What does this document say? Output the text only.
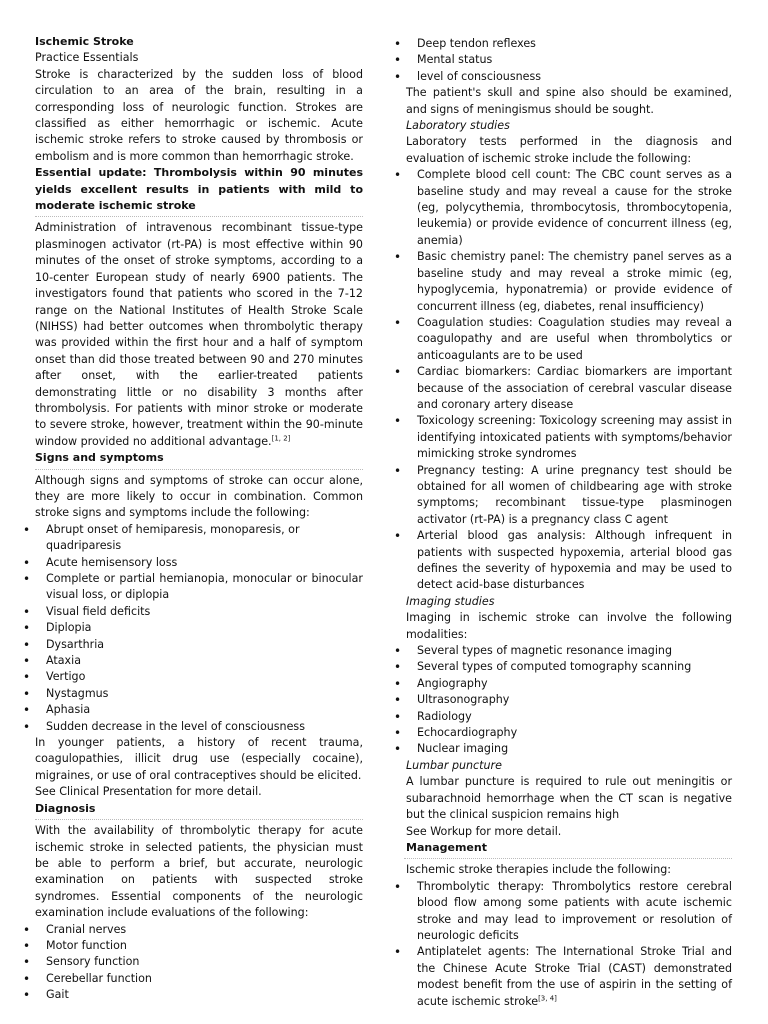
Ischemic Stroke
Practice Essentials

Stroke is characterized by the sudden loss of blood circulation to an area of the brain, resulting in a corresponding loss of neurologic function. Strokes are classified as either hemorrhagic or ischemic. Acute ischemic stroke refers to stroke caused by thrombosis or embolism and is more common than hemorrhagic stroke.

Essential update: Thrombolysis within 90 minutes yields excellent results in patients with mild to moderate ischemic stroke

Administration of intravenous recombinant tissue-type plasminogen activator (rt-PA) is most effective within 90 minutes of the onset of stroke symptoms, according to a 10-center European study of nearly 6900 patients. The investigators found that patients who scored in the 7-12 range on the National Institutes of Health Stroke Scale (NIHSS) had better outcomes when thrombolytic therapy was provided within the first hour and a half of symptom onset than did those treated between 90 and 270 minutes after onset, with the earlier-treated patients demonstrating little or no disability 3 months after thrombolysis. For patients with minor stroke or moderate to severe stroke, however, treatment within the 90-minute window provided no additional advantage.[1, 2]

Signs and symptoms

Although signs and symptoms of stroke can occur alone, they are more likely to occur in combination. Common stroke signs and symptoms include the following:

• Abrupt onset of hemiparesis, monoparesis, or quadriparesis
• Acute hemisensory loss
• Complete or partial hemianopia, monocular or binocular visual loss, or diplopia
• Visual field deficits
• Diplopia
• Dysarthria
• Ataxia
• Vertigo
• Nystagmus
• Aphasia
• Sudden decrease in the level of consciousness

In younger patients, a history of recent trauma, coagulopathies, illicit drug use (especially cocaine), migraines, or use of oral contraceptives should be elicited.

See Clinical Presentation for more detail.

Diagnosis

With the availability of thrombolytic therapy for acute ischemic stroke in selected patients, the physician must be able to perform a brief, but accurate, neurologic examination on patients with suspected stroke syndromes. Essential components of the neurologic examination include evaluations of the following:

• Cranial nerves
• Motor function
• Sensory function
• Cerebellar function
• Gait
• Deep tendon reflexes
• Mental status
• level of consciousness

The patient's skull and spine also should be examined, and signs of meningismus should be sought.

Laboratory studies

Laboratory tests performed in the diagnosis and evaluation of ischemic stroke include the following:

• Complete blood cell count: The CBC count serves as a baseline study and may reveal a cause for the stroke (eg, polycythemia, thrombocytosis, thrombocytopenia, leukemia) or provide evidence of concurrent illness (eg, anemia)
• Basic chemistry panel: The chemistry panel serves as a baseline study and may reveal a stroke mimic (eg, hypoglycemia, hyponatremia) or provide evidence of concurrent illness (eg, diabetes, renal insufficiency)
• Coagulation studies: Coagulation studies may reveal a coagulopathy and are useful when thrombolytics or anticoagulants are to be used
• Cardiac biomarkers: Cardiac biomarkers are important because of the association of cerebral vascular disease and coronary artery disease
• Toxicology screening: Toxicology screening may assist in identifying intoxicated patients with symptoms/behavior mimicking stroke syndromes
• Pregnancy testing: A urine pregnancy test should be obtained for all women of childbearing age with stroke symptoms; recombinant tissue-type plasminogen activator (rt-PA) is a pregnancy class C agent
• Arterial blood gas analysis: Although infrequent in patients with suspected hypoxemia, arterial blood gas defines the severity of hypoxemia and may be used to detect acid-base disturbances
Imaging studies

Imaging in ischemic stroke can involve the following modalities:

• Several types of magnetic resonance imaging
• Several types of computed tomography scanning
• Angiography
• Ultrasonography
• Radiology
• Echocardiography
• Nuclear imaging
Lumbar puncture

A lumbar puncture is required to rule out meningitis or subarachnoid hemorrhage when the CT scan is negative but the clinical suspicion remains high

See Workup for more detail.

Management

Ischemic stroke therapies include the following:

• Thrombolytic therapy: Thrombolytics restore cerebral blood flow among some patients with acute ischemic stroke and may lead to improvement or resolution of neurologic deficits
• Antiplatelet agents: The International Stroke Trial and the Chinese Acute Stroke Trial (CAST) demonstrated modest benefit from the use of aspirin in the setting of acute ischemic stroke[3, 4]
